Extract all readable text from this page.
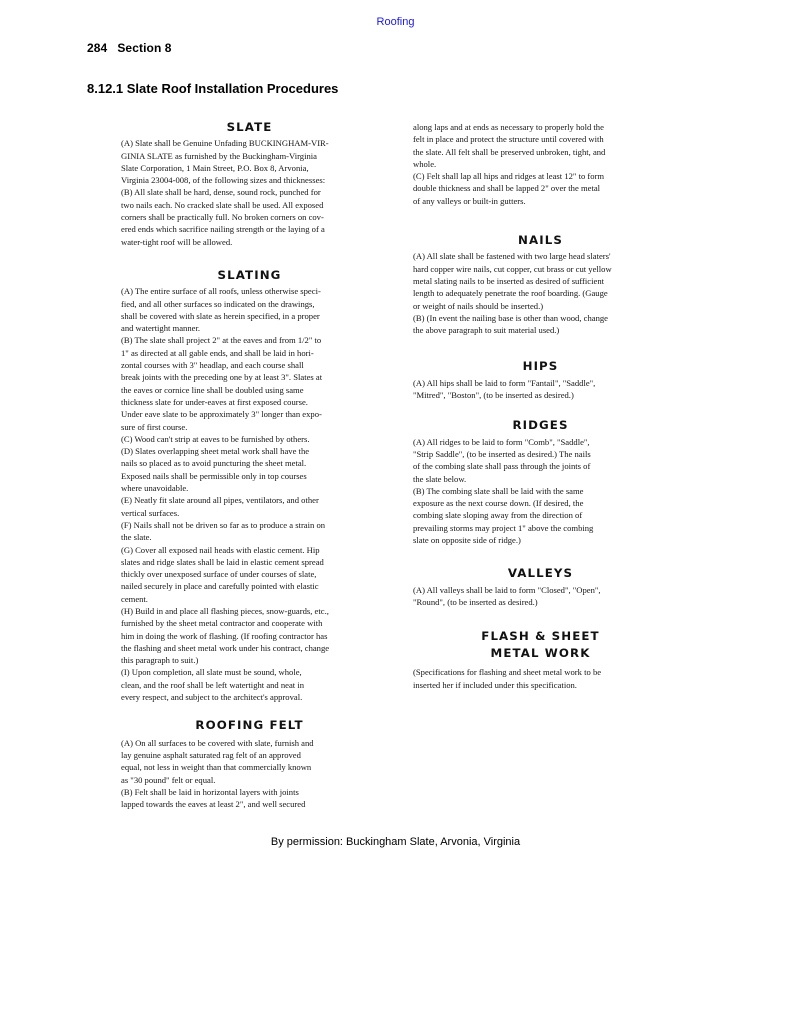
Roofing
284 Section 8
8.12.1 Slate Roof Installation Procedures
SLATE

(A) Slate shall be Genuine Unfading BUCKINGHAM-VIR-

GINIA SLATE as furnished by the Buckingham-Virginia

Slate Corporation, 1 Main Street, P.O. Box 8, Arvonia,

Virginia 23004-008, of the following sizes and thicknesses:

(B) All slate shall be hard, dense, sound rock, punched for

two nails each. No cracked slate shall be used. All exposed

corners shall be practically full. No broken corners on cov-

ered ends which sacrifice nailing strength or the laying of a

water-tight roof will be allowed.

SLATING

(A) The entire surface of all roofs, unless otherwise speci-

fied, and all other surfaces so indicated on the drawings,

shall be covered with slate as herein specified, in a proper

and watertight manner.

(B) The slate shall project 2" at the eaves and from 1/2" to

1" as directed at all gable ends, and shall be laid in hori-

zontal courses with 3" headlap, and each course shall

break joints with the preceding one by at least 3". Slates at

the eaves or cornice line shall be doubled using same

thickness slate for under-eaves at first exposed course.

Under eave slate to be approximately 3" longer than expo-

sure of first course.

(C) Wood can't strip at eaves to be furnished by others.

(D) Slates overlapping sheet metal work shall have the

nails so placed as to avoid puncturing the sheet metal.

Exposed nails shall be permissible only in top courses

where unavoidable.

(E) Neatly fit slate around all pipes, ventilators, and other

vertical surfaces.

(F) Nails shall not be driven so far as to produce a strain on

the slate.

(G) Cover all exposed nail heads with elastic cement. Hip

slates and ridge slates shall be laid in elastic cement spread

thickly over unexposed surface of under courses of slate,

nailed securely in place and carefully pointed with elastic

cement.

(H) Build in and place all flashing pieces, snow-guards, etc.,

furnished by the sheet metal contractor and cooperate with

him in doing the work of flashing. (If roofing contractor has

the flashing and sheet metal work under his contract, change

this paragraph to suit.)

(I) Upon completion, all slate must be sound, whole,

clean, and the roof shall be left watertight and neat in

every respect, and subject to the architect's approval.

ROOFING FELT

(A) On all surfaces to be covered with slate, furnish and

lay genuine asphalt saturated rag felt of an approved

equal, not less in weight than that commercially known

as "30 pound" felt or equal.

(B) Felt shall be laid in horizontal layers with joints

lapped towards the eaves at least 2", and well secured

along laps and at ends as necessary to properly hold the

felt in place and protect the structure until covered with

the slate. All felt shall be preserved unbroken, tight, and

whole.

(C) Felt shall lap all hips and ridges at least 12" to form

double thickness and shall be lapped 2" over the metal

of any valleys or built-in gutters.

NAILS

(A) All slate shall be fastened with two large head slaters'

hard copper wire nails, cut copper, cut brass or cut yellow

metal slating nails to be inserted as desired of sufficient

length to adequately penetrate the roof boarding. (Gauge

or weight of nails should be inserted.)

(B) (In event the nailing base is other than wood, change

the above paragraph to suit material used.)

HIPS

(A) All hips shall be laid to form "Fantail", "Saddle",

"Mitred", "Boston", (to be inserted as desired.)

RIDGES

(A) All ridges to be laid to form "Comb", "Saddle",

"Strip Saddle", (to be inserted as desired.) The nails

of the combing slate shall pass through the joints of

the slate below.

(B) The combing slate shall be laid with the same

exposure as the next course down. (If desired, the

combing slate sloping away from the direction of

prevailing storms may project 1" above the combing

slate on opposite side of ridge.)

VALLEYS

(A) All valleys shall be laid to form "Closed", "Open",

"Round", (to be inserted as desired.)

FLASH & SHEET
METAL WORK

(Specifications for flashing and sheet metal work to be

inserted her if included under this specification.

By permission: Buckingham Slate, Arvonia, Virginia
